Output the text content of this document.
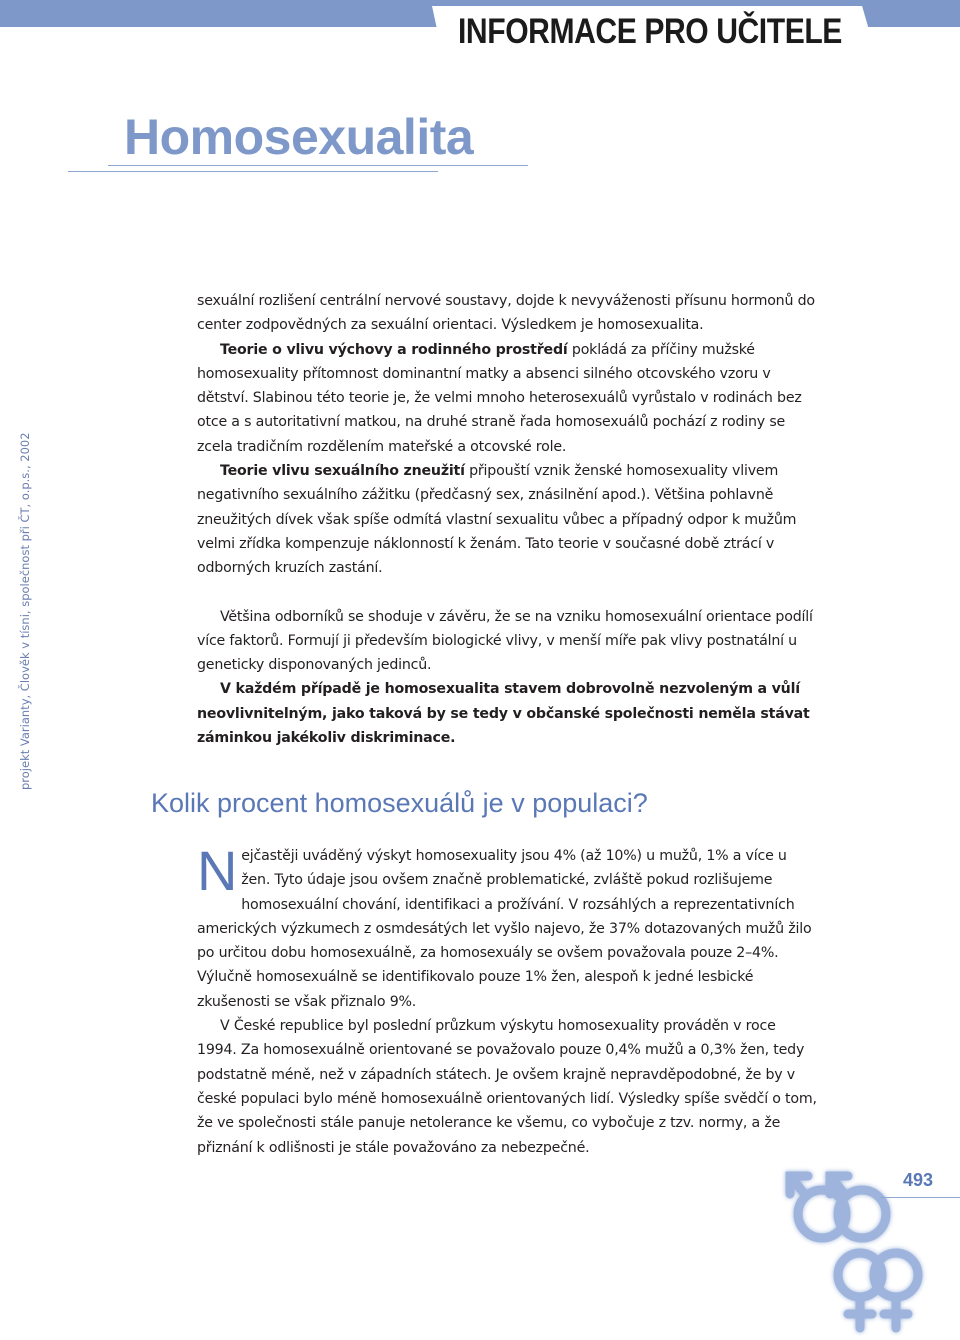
INFORMACE PRO UČITELE
Homosexualita
projekt Varianty, Člověk v tísni, společnost při ČT, o.p.s., 2002

sexuální rozlišení centrální nervové soustavy, dojde k nevyváženosti přísunu hormonů do center zodpovědných za sexuální orientaci. Výsledkem je homosexualita.

Teorie o vlivu výchovy a rodinného prostředí pokládá za příčiny mužské homosexuality přítomnost dominantní matky a absenci silného otcovského vzoru v dětství. Slabinou této teorie je, že velmi mnoho heterosexuálů vyrůstalo v rodinách bez otce a s autoritativní matkou, na druhé straně řada homosexuálů pochází z rodiny se zcela tradičním rozdělením mateřské a otcovské role.

Teorie vlivu sexuálního zneužití připouští vznik ženské homosexuality vlivem negativního sexuálního zážitku (předčasný sex, znásilnění apod.). Většina pohlavně zneužitých dívek však spíše odmítá vlastní sexualitu vůbec a případný odpor k mužům velmi zřídka kompenzuje náklonností k ženám. Tato teorie v současné době ztrácí v odborných kruzích zastání.

Většina odborníků se shoduje v závěru, že se na vzniku homosexuální orientace podílí více faktorů. Formují ji především biologické vlivy, v menší míře pak vlivy postnatální u geneticky disponovaných jedinců.

V každém případě je homosexualita stavem dobrovolně nezvoleným a vůlí neovlivnitelným, jako taková by se tedy v občanské společnosti neměla stávat záminkou jakékoliv diskriminace.

Kolik procent homosexuálů je v populaci?

Nejčastěji uváděný výskyt homosexuality jsou 4% (až 10%) u mužů, 1% a více u žen. Tyto údaje jsou ovšem značně problematické, zvláště pokud rozlišujeme homosexuální chování, identifikaci a prožívání. V rozsáhlých a reprezentativních amerických výzkumech z osmdesátých let vyšlo najevo, že 37% dotazovaných mužů žilo po určitou dobu homosexuálně, za homosexuály se ovšem považovala pouze 2–4%. Výlučně homosexuálně se identifikovalo pouze 1% žen, alespoň k jedné lesbické zkušenosti se však přiznalo 9%.

V České republice byl poslední průzkum výskytu homosexuality prováděn v roce 1994. Za homosexuálně orientované se považovalo pouze 0,4% mužů a 0,3% žen, tedy podstatně méně, než v západních státech. Je ovšem krajně nepravděpodobné, že by v české populaci bylo méně homosexuálně orientovaných lidí. Výsledky spíše svědčí o tom, že ve společnosti stále panuje netolerance ke všemu, co vybočuje z tzv. normy, a že přiznání k odlišnosti je stále považováno za nebezpečné.

493
